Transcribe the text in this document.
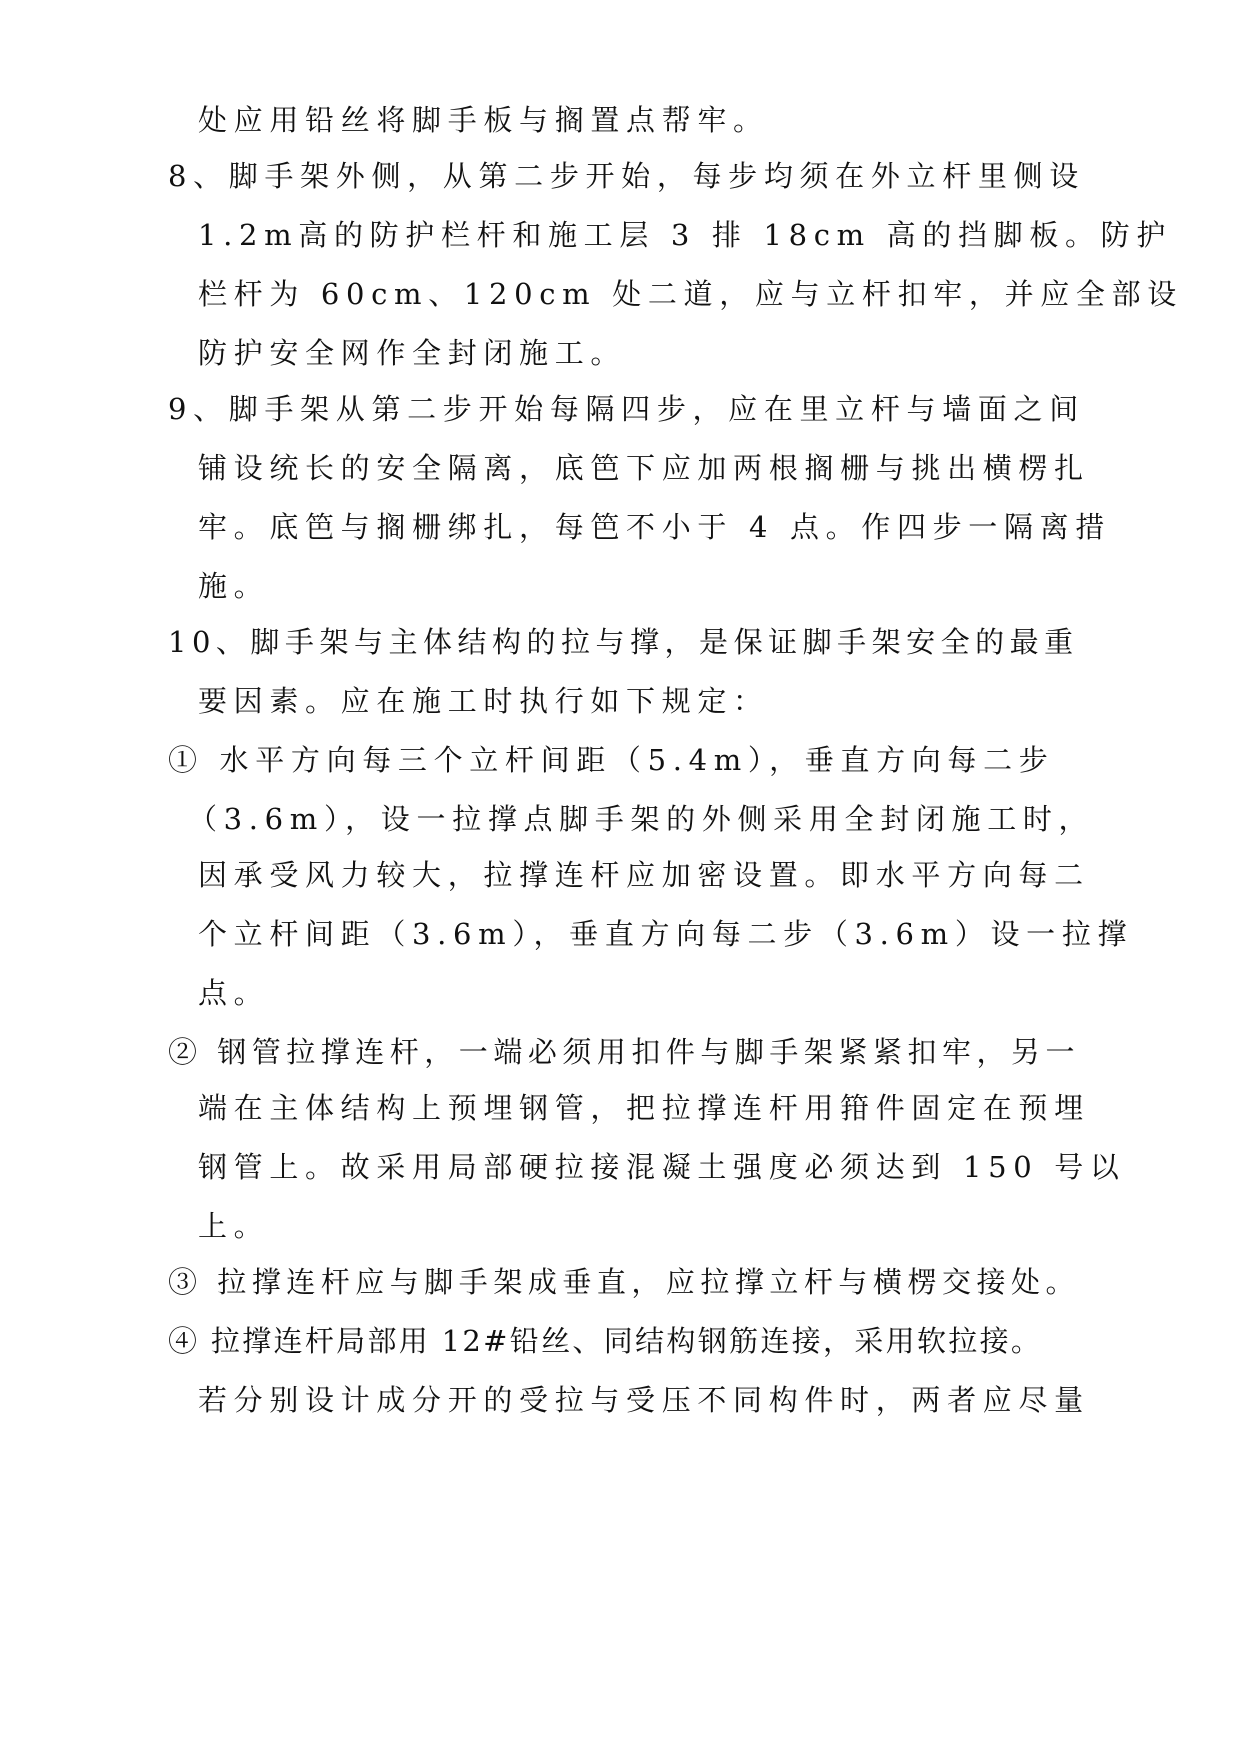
处应用铅丝将脚手板与搁置点帮牢。
8、脚手架外侧，从第二步开始，每步均须在外立杆里侧设
1.2m高的防护栏杆和施工层 3 排 18cm 高的挡脚板。防护
栏杆为 60cm、120cm 处二道，应与立杆扣牢，并应全部设
防护安全网作全封闭施工。
9、脚手架从第二步开始每隔四步，应在里立杆与墙面之间
铺设统长的安全隔离，底笆下应加两根搁栅与挑出横楞扎
牢。底笆与搁栅绑扎，每笆不小于 4 点。作四步一隔离措
施。
10、脚手架与主体结构的拉与撑，是保证脚手架安全的最重
要因素。应在施工时执行如下规定：
① 水平方向每三个立杆间距（5.4m），垂直方向每二步
（3.6m），设一拉撑点脚手架的外侧采用全封闭施工时，
因承受风力较大，拉撑连杆应加密设置。即水平方向每二
个立杆间距（3.6m），垂直方向每二步（3.6m）设一拉撑
点。
② 钢管拉撑连杆，一端必须用扣件与脚手架紧紧扣牢，另一
端在主体结构上预埋钢管，把拉撑连杆用箝件固定在预埋
钢管上。故采用局部硬拉接混凝土强度必须达到 150 号以
上。
③ 拉撑连杆应与脚手架成垂直，应拉撑立杆与横楞交接处。
④ 拉撑连杆局部用 12#铅丝、同结构钢筋连接，采用软拉接。
若分别设计成分开的受拉与受压不同构件时，两者应尽量
